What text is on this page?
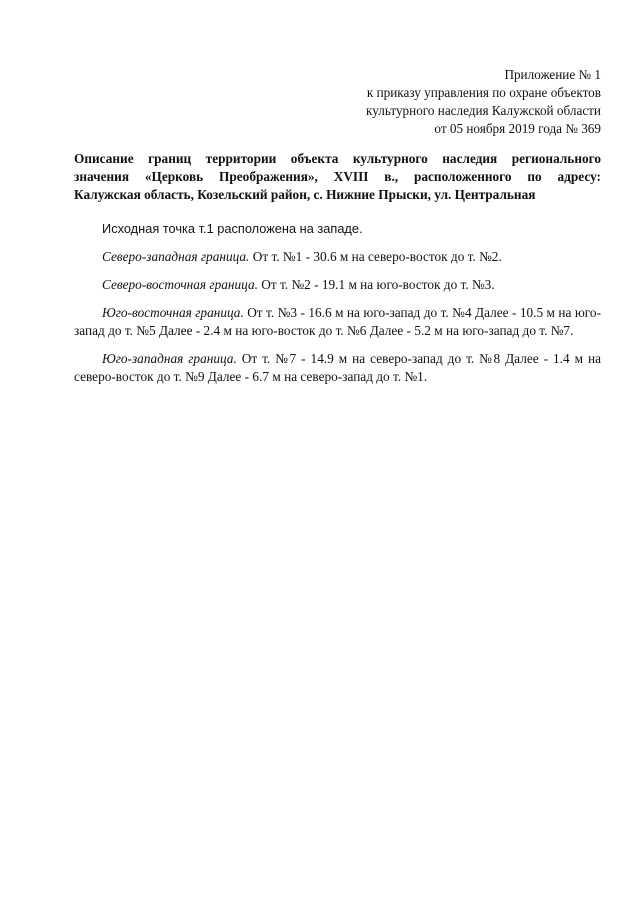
Приложение № 1
к приказу управления по охране объектов
культурного наследия Калужской области
от 05 ноября 2019 года № 369
Описание границ территории объекта культурного наследия регионального
значения «Церковь Преображения», XVIII в., расположенного по адресу:
Калужская область, Козельский район, с. Нижние Прыски, ул. Центральная

Исходная точка т.1 расположена на западе.

Северо-западная граница. От т. №1 - 30.6 м на северо-восток до т. №2.

Северо-восточная граница. От т. №2 - 19.1 м на юго-восток до т. №3.

Юго-восточная граница. От т. №3 - 16.6 м на юго-запад до т. №4 Далее - 10.5 м на юго-запад до т. №5 Далее - 2.4 м на юго-восток до т. №6 Далее - 5.2 м на юго-запад до т. №7.

Юго-западная граница. От т. №7 - 14.9 м на северо-запад до т. №8 Далее - 1.4 м на северо-восток до т. №9 Далее - 6.7 м на северо-запад до т. №1.
